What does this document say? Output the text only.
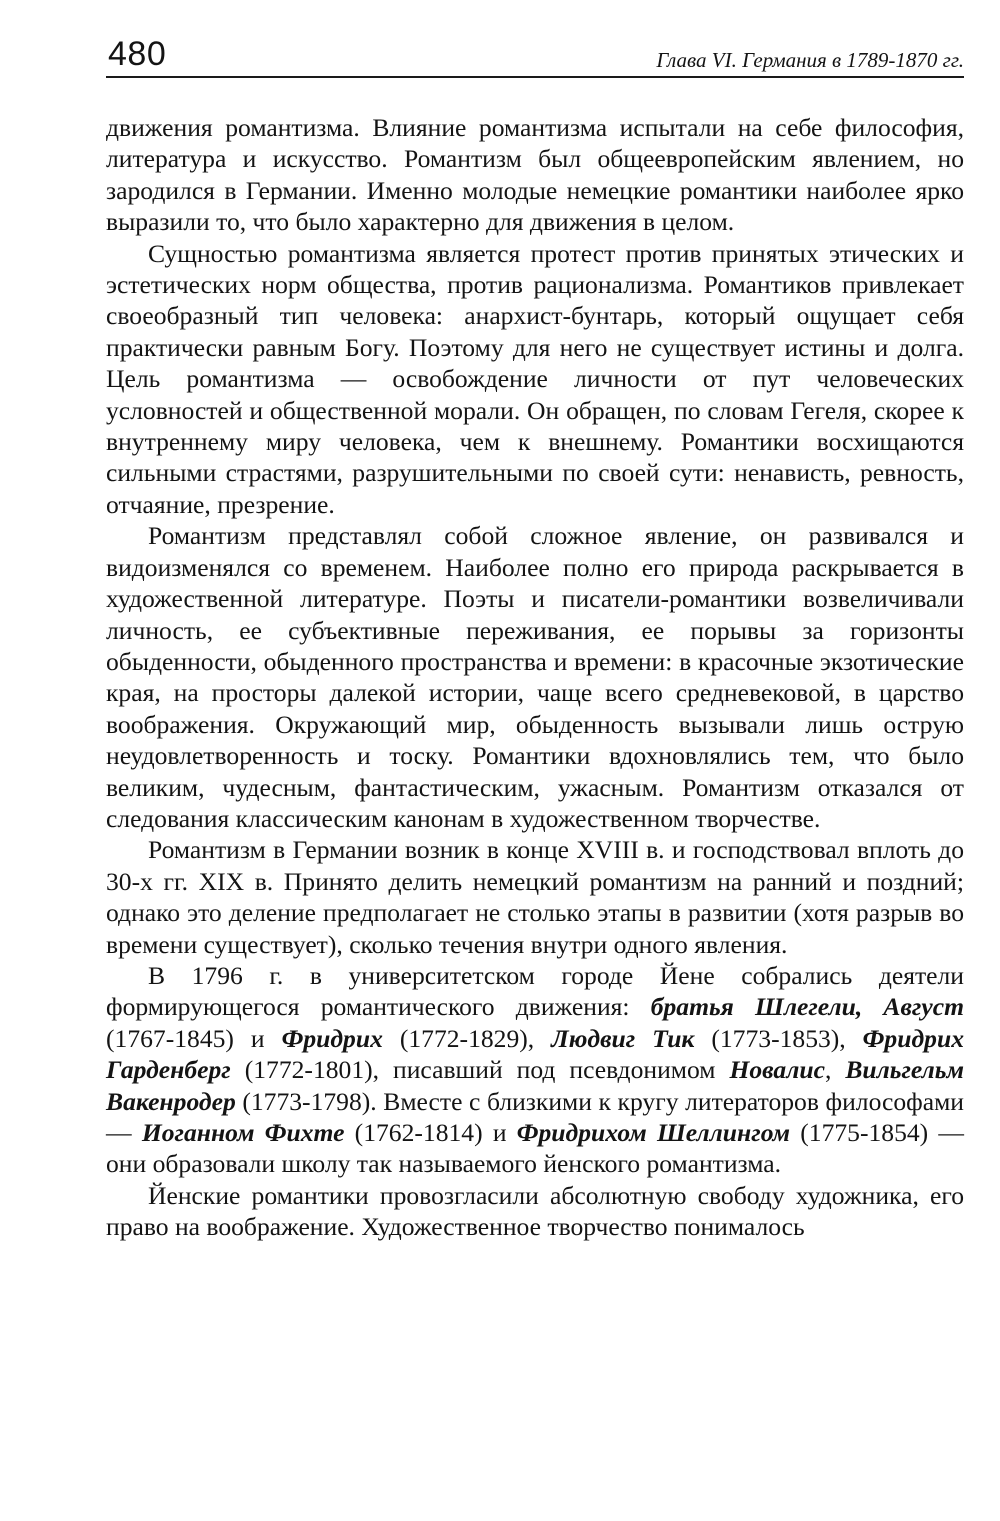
480	Глава VI. Германия в 1789-1870 гг.

движения романтизма. Влияние романтизма испытали на себе философия, литература и искусство. Романтизм был общеевропейским явлением, но зародился в Германии. Именно молодые немецкие романтики наиболее ярко выразили то, что было характерно для движения в целом.

Сущностью романтизма является протест против принятых этических и эстетических норм общества, против рационализма. Романтиков привлекает своеобразный тип человека: анархист-бунтарь, который ощущает себя практически равным Богу. Поэтому для него не существует истины и долга. Цель романтизма — освобождение личности от пут человеческих условностей и общественной морали. Он обращен, по словам Гегеля, скорее к внутреннему миру человека, чем к внешнему. Романтики восхищаются сильными страстями, разрушительными по своей сути: ненависть, ревность, отчаяние, презрение.

Романтизм представлял собой сложное явление, он развивался и видоизменялся со временем. Наиболее полно его природа раскрывается в художественной литературе. Поэты и писатели-романтики возвеличивали личность, ее субъективные переживания, ее порывы за горизонты обыденности, обыденного пространства и времени: в красочные экзотические края, на просторы далекой истории, чаще всего средневековой, в царство воображения. Окружающий мир, обыденность вызывали лишь острую неудовлетворенность и тоску. Романтики вдохновлялись тем, что было великим, чудесным, фантастическим, ужасным. Романтизм отказался от следования классическим канонам в художественном творчестве.

Романтизм в Германии возник в конце XVIII в. и господствовал вплоть до 30-х гг. XIX в. Принято делить немецкий романтизм на ранний и поздний; однако это деление предполагает не столько этапы в развитии (хотя разрыв во времени существует), сколько течения внутри одного явления.

В 1796 г. в университетском городе Йене собрались деятели формирующегося романтического движения: братья Шлегели, Август (1767-1845) и Фридрих (1772-1829), Людвиг Тик (1773-1853), Фридрих Гарденберг (1772-1801), писавший под псевдонимом Новалис, Вильгельм Вакенродер (1773-1798). Вместе с близкими к кругу литераторов философами — Иоганном Фихте (1762-1814) и Фридрихом Шеллингом (1775-1854) — они образовали школу так называемого йенского романтизма.

Йенские романтики провозгласили абсолютную свободу художника, его право на воображение. Художественное творчество понималось
